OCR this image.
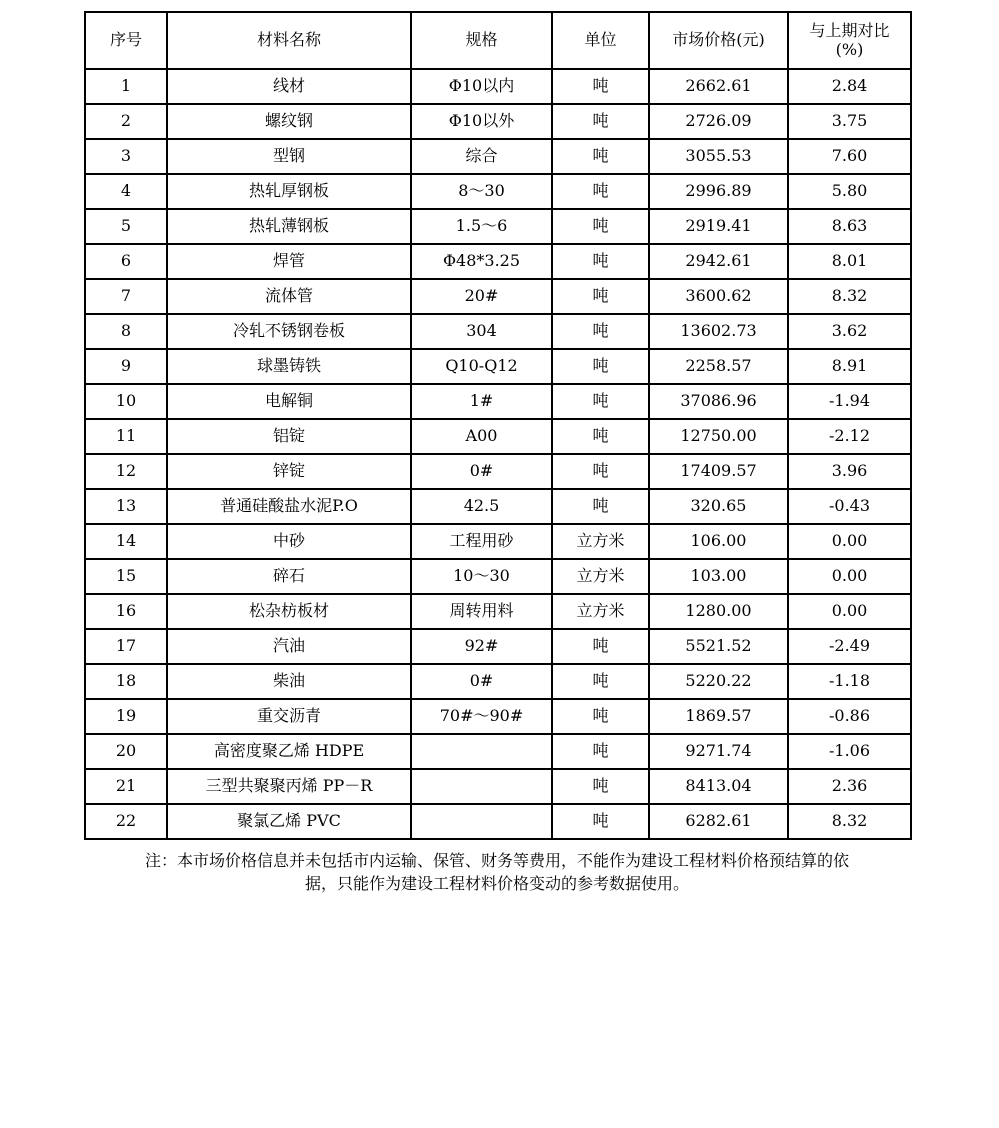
序号	材料名称	规格	单位	市场价格(元)	与上期对比
(%)
1	线材	Φ10以内	吨	2662.61	2.84
2	螺纹钢	Φ10以外	吨	2726.09	3.75
3	型钢	综合	吨	3055.53	7.60
4	热轧厚钢板	8～30	吨	2996.89	5.80
5	热轧薄钢板	1.5～6	吨	2919.41	8.63
6	焊管	Φ48*3.25	吨	2942.61	8.01
7	流体管	20#	吨	3600.62	8.32
8	冷轧不锈钢卷板	304	吨	13602.73	3.62
9	球墨铸铁	Q10-Q12	吨	2258.57	8.91
10	电解铜	1#	吨	37086.96	-1.94
11	铝锭	A00	吨	12750.00	-2.12
12	锌锭	0#	吨	17409.57	3.96
13	普通硅酸盐水泥P.O	42.5	吨	320.65	-0.43
14	中砂	工程用砂	立方米	106.00	0.00
15	碎石	10～30	立方米	103.00	0.00
16	松杂枋板材	周转用料	立方米	1280.00	0.00
17	汽油	92#	吨	5521.52	-2.49
18	柴油	0#	吨	5220.22	-1.18
19	重交沥青	70#～90#	吨	1869.57	-0.86
20	高密度聚乙烯 HDPE		吨	9271.74	-1.06
21	三型共聚聚丙烯 PP－R		吨	8413.04	2.36
22	聚氯乙烯 PVC		吨	6282.61	8.32

注：本市场价格信息并未包括市内运输、保管、财务等费用，不能作为建设工程材料价格预结算的依
据，只能作为建设工程材料价格变动的参考数据使用。
